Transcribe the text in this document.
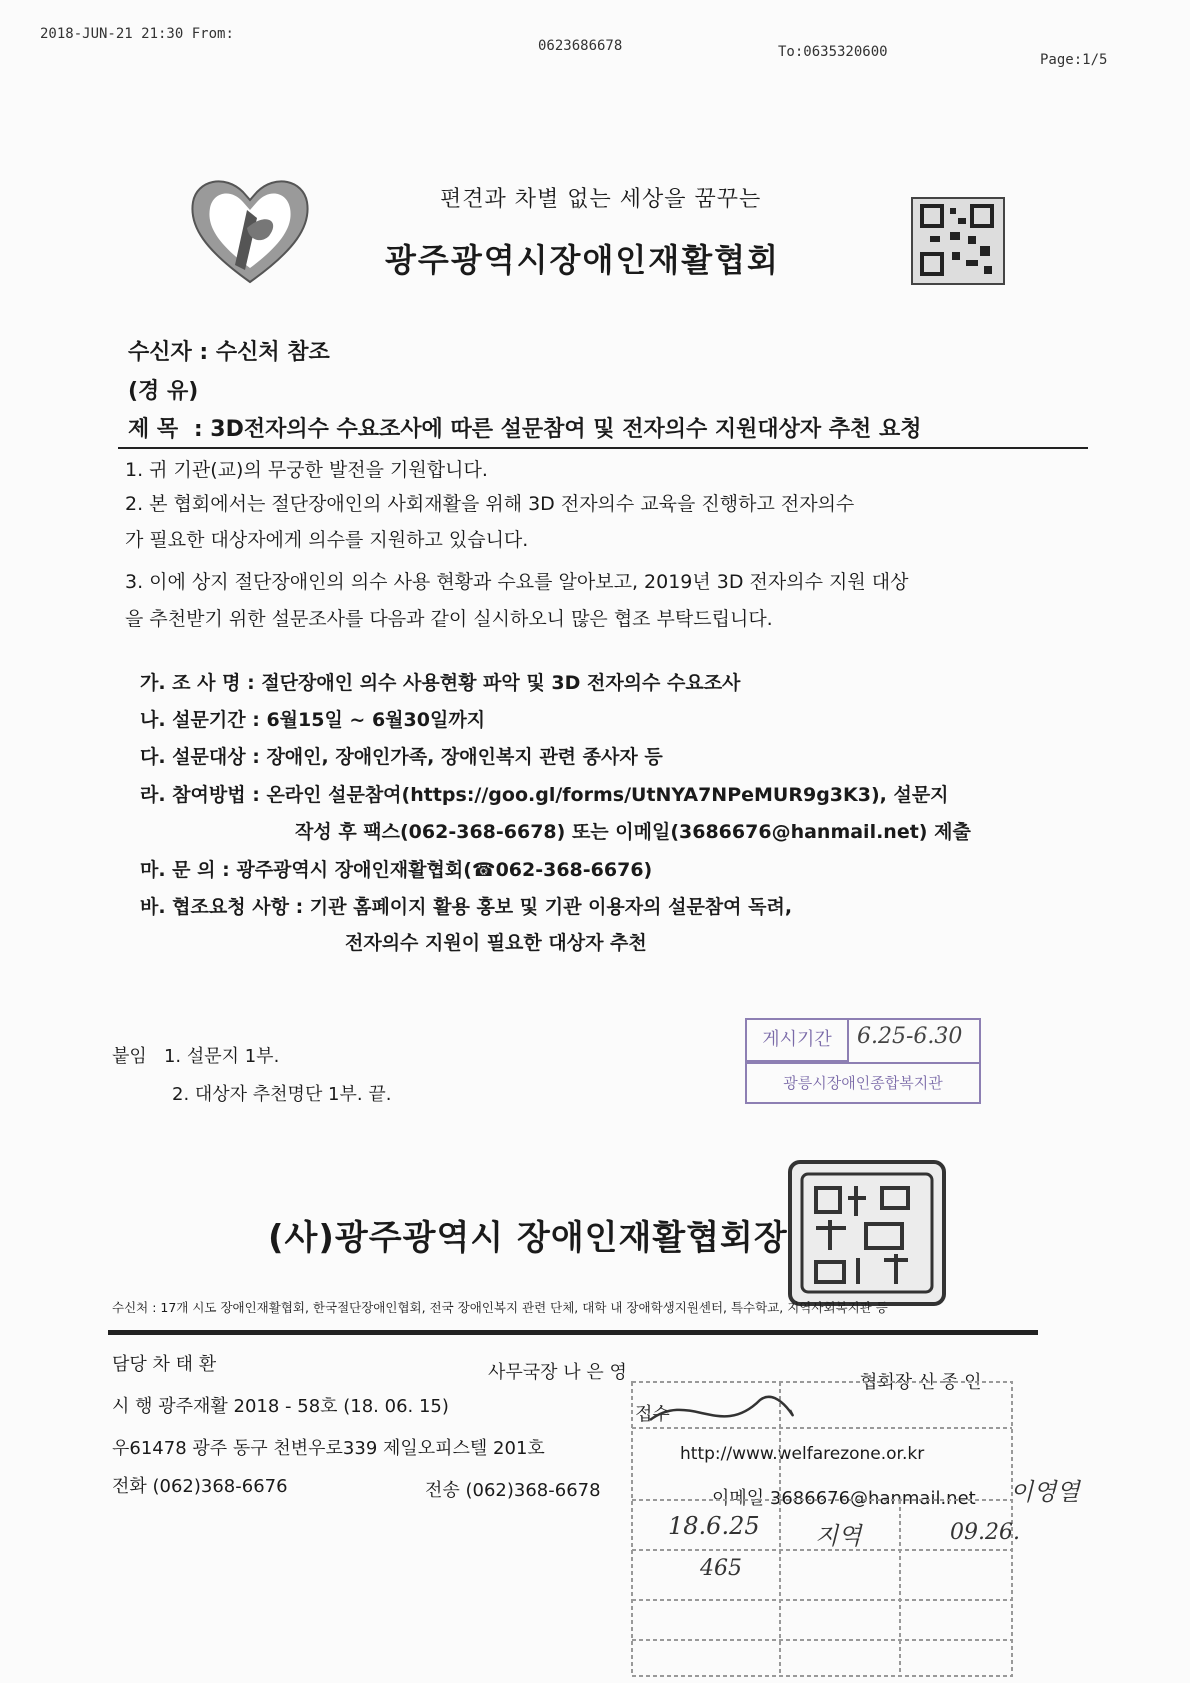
2018-JUN-21 21:30 From:
0623686678	To:0635320600	Page:1/5
편견과 차별 없는 세상을 꿈꾸는
광주광역시장애인재활협회
수신자 : 수신처 참조
(경 유)
제 목 : 3D전자의수 수요조사에 따른 설문참여 및 전자의수 지원대상자 추천 요청
1. 귀 기관(교)의 무궁한 발전을 기원합니다.
2. 본 협회에서는 절단장애인의 사회재활을 위해 3D 전자의수 교육을 진행하고 전자의수
가 필요한 대상자에게 의수를 지원하고 있습니다.
3. 이에 상지 절단장애인의 의수 사용 현황과 수요를 알아보고, 2019년 3D 전자의수 지원 대상
을 추천받기 위한 설문조사를 다음과 같이 실시하오니 많은 협조 부탁드립니다.
가. 조 사 명 : 절단장애인 의수 사용현황 파악 및 3D 전자의수 수요조사
나. 설문기간 : 6월15일 ~ 6월30일까지
다. 설문대상 : 장애인, 장애인가족, 장애인복지 관련 종사자 등
라. 참여방법 : 온라인 설문참여(https://goo.gl/forms/UtNYA7NPeMUR9g3K3), 설문지
작성 후 팩스(062-368-6678) 또는 이메일(3686676@hanmail.net) 제출
마. 문 의 : 광주광역시 장애인재활협회(☎062-368-6676)
바. 협조요청 사항 : 기관 홈페이지 활용 홍보 및 기관 이용자의 설문참여 독려,
전자의수 지원이 필요한 대상자 추천
게시기간	6.25-6.30
광릉시장애인종합복지관
붙임 1. 설문지 1부.
2. 대상자 추천명단 1부. 끝.
(사)광주광역시 장애인재활협회장
수신처 : 17개 시도 장애인재활협회, 한국절단장애인협회, 전국 장애인복지 관련 단체, 대학 내 장애학생지원센터, 특수학교, 지역사회복지관 등
담당 차 태 환	사무국장 나 은 영	협회장 신 종 인
시 행 광주재활 2018 - 58호 (18. 06. 15)	접수
우61478 광주 동구 천변우로339 제일오피스텔 201호	http://www.welfarezone.or.kr
전화 (062)368-6676	전송 (062)368-6678	이메일 3686676@hanmail.net
18.6.25
465
지역	09.26.
이영열
